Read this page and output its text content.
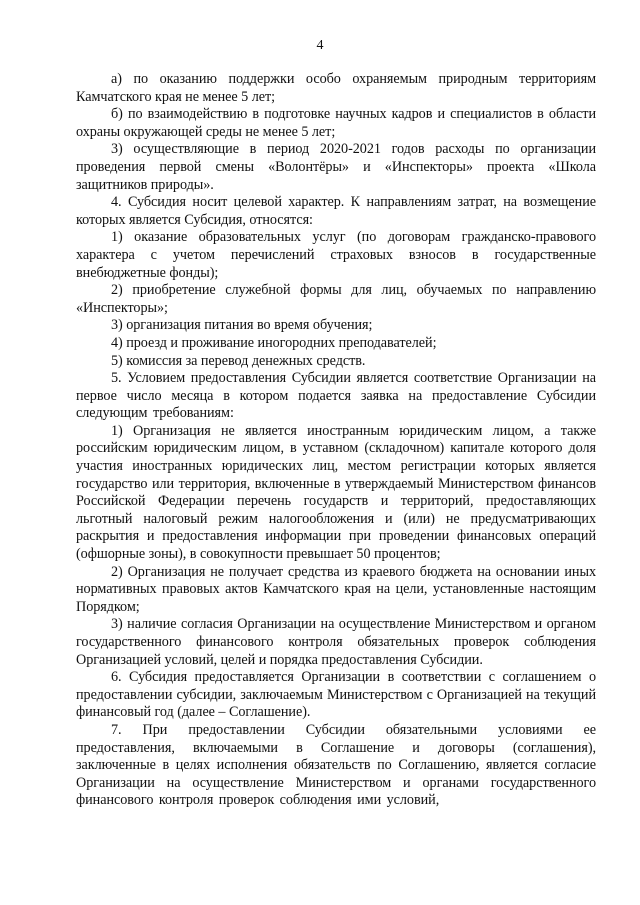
4

а) по оказанию поддержки особо охраняемым природным территориям Камчатского края не менее 5 лет;

б) по взаимодействию в подготовке научных кадров и специалистов в области охраны окружающей среды не менее 5 лет;

3) осуществляющие в период 2020-2021 годов расходы по организации проведения первой смены «Волонтёры» и «Инспекторы» проекта «Школа защитников природы».

4. Субсидия носит целевой характер. К направлениям затрат, на возмещение которых является Субсидия, относятся:

1) оказание образовательных услуг (по договорам гражданско-правового характера с учетом перечислений страховых взносов в государственные внебюджетные фонды);

2) приобретение служебной формы для лиц, обучаемых по направлению «Инспекторы»;

3) организация питания во время обучения;

4) проезд и проживание иногородних преподавателей;

5) комиссия за перевод денежных средств.

5. Условием предоставления Субсидии является соответствие Организации на первое число месяца в котором подается заявка на предоставление Субсидии следующим требованиям:

1) Организация не является иностранным юридическим лицом, а также российским юридическим лицом, в уставном (складочном) капитале которого доля участия иностранных юридических лиц, местом регистрации которых является государство или территория, включенные в утверждаемый Министерством финансов Российской Федерации перечень государств и территорий, предоставляющих льготный налоговый режим налогообложения и (или) не предусматривающих раскрытия и предоставления информации при проведении финансовых операций (офшорные зоны), в совокупности превышает 50 процентов;

2) Организация не получает средства из краевого бюджета на основании иных нормативных правовых актов Камчатского края на цели, установленные настоящим Порядком;

3) наличие согласия Организации на осуществление Министерством и органом государственного финансового контроля обязательных проверок соблюдения Организацией условий, целей и порядка предоставления Субсидии.

6. Субсидия предоставляется Организации в соответствии с соглашением о предоставлении субсидии, заключаемым Министерством с Организацией на текущий финансовый год (далее – Соглашение).

7. При предоставлении Субсидии обязательными условиями ее предоставления, включаемыми в Соглашение и договоры (соглашения), заключенные в целях исполнения обязательств по Соглашению, является согласие Организации на осуществление Министерством и органами государственного финансового контроля проверок соблюдения ими условий,
